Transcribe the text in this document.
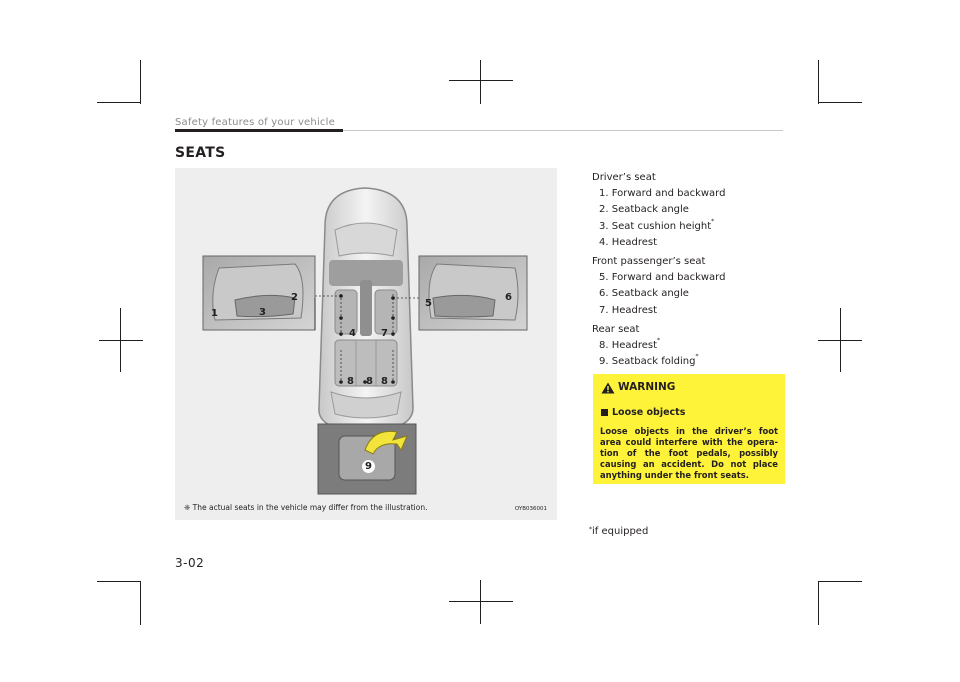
Safety features of your vehicle
SEATS
1
2
3
4
5
6
7
8 8 8
9
❈ The actual seats in the vehicle may differ from the illustration.	OYB036001
Driver’s seat
1. Forward and backward
2. Seatback angle
3. Seat cushion height*
4. Headrest
Front passenger’s seat
5. Forward and backward
6. Seatback angle
7. Headrest
Rear seat
8. Headrest*
9. Seatback folding*
WARNING
Loose objects
Loose objects in the driver’s foot area could interfere with the opera- tion of the foot pedals, possibly causing an accident. Do not place anything under the front seats.
*if equipped
3-02
